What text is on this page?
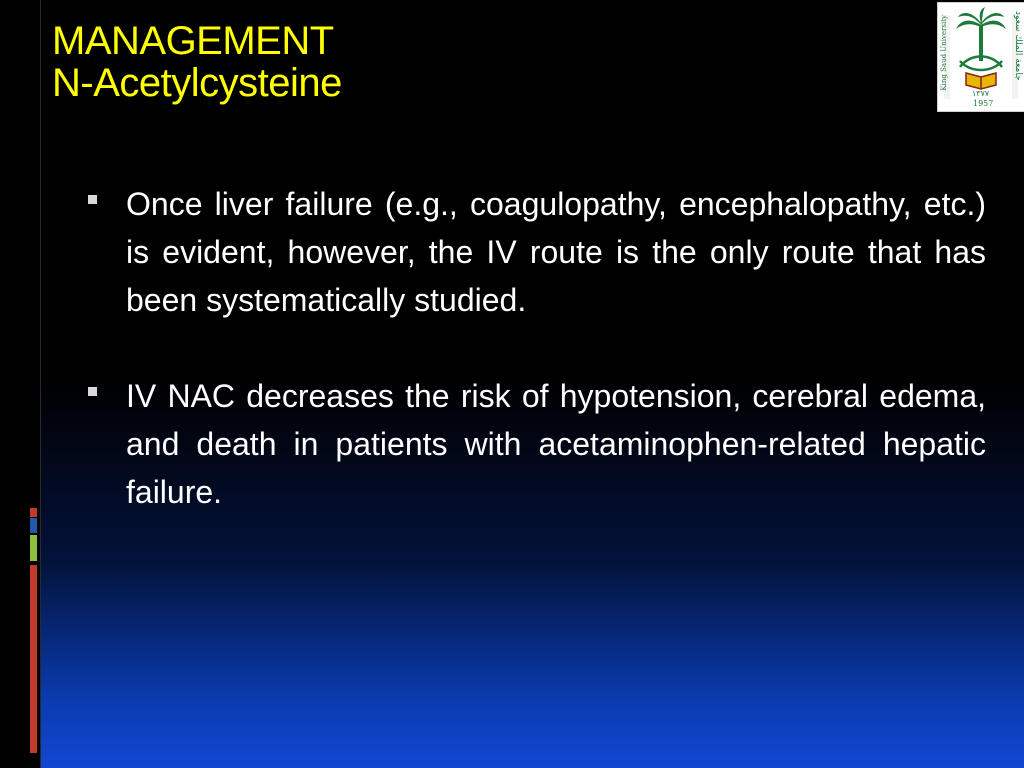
MANAGEMENT
N-Acetylcysteine
جامعة الملك سعود
King Saud University
١٣٧٧
1957
Once liver failure (e.g., coagulopathy, encephalopathy, etc.) is evident, however, the IV route is the only route that has been systematically studied.
IV NAC decreases the risk of hypotension, cerebral edema, and death in patients with acetaminophen-related hepatic failure.
